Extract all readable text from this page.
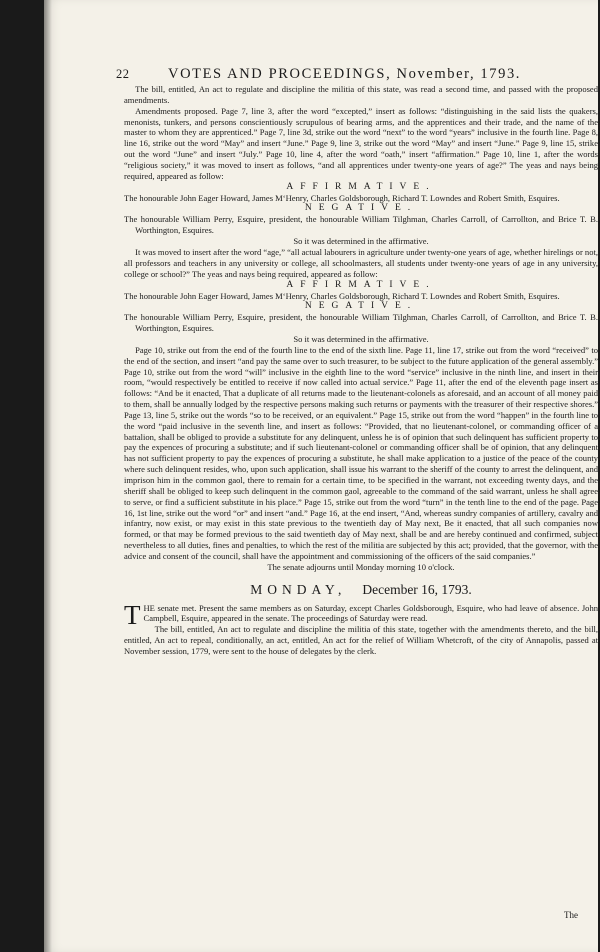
22	VOTES AND PROCEEDINGS, November, 1793.

The bill, entitled, An act to regulate and discipline the militia of this state, was read a second time, and passed with the proposed amendments.

Amendments proposed. Page 7, line 3, after the word “excepted,” insert as follows: “distinguishing in the said lists the quakers, menonists, tunkers, and persons conscientiously scrupulous of bearing arms, and the apprentices and their trade, and the name of the master to whom they are apprenticed.” Page 7, line 3d, strike out the word “next” to the word “years” inclusive in the fourth line. Page 8, line 16, strike out the word “May” and insert “June.” Page 9, line 3, strike out the word “May” and insert “June.” Page 9, line 15, strike out the word “June” and insert “July.” Page 10, line 4, after the word “oath,” insert “affirmation.” Page 10, line 1, after the words “religious society,” it was moved to insert as follows, “and all apprentices under twenty-one years of age?” The yeas and nays being required, appeared as follow:

AFFIRMATIVE.

The honourable John Eager Howard, James M‘Henry, Charles Goldsborough, Richard T. Lowndes and Robert Smith, Esquires.

NEGATIVE.

The honourable William Perry, Esquire, president, the honourable William Tilghman, Charles Carroll, of Carrollton, and Brice T. B. Worthington, Esquires.

So it was determined in the affirmative.

It was moved to insert after the word “age,” “all actual labourers in agriculture under twenty-one years of age, whether hirelings or not, all professors and teachers in any university or college, all schoolmasters, all students under twenty-one years of age in any university, college or school?” The yeas and nays being required, appeared as follow:

AFFIRMATIVE.

The honourable John Eager Howard, James M‘Henry, Charles Goldsborough, Richard T. Lowndes and Robert Smith, Esquires.

NEGATIVE.

The honourable William Perry, Esquire, president, the honourable William Tilghman, Charles Carroll, of Carrollton, and Brice T. B. Worthington, Esquires.

So it was determined in the affirmative.

Page 10, strike out from the end of the fourth line to the end of the sixth line. Page 11, line 17, strike out from the word “received” to the end of the section, and insert “and pay the same over to such treasurer, to be subject to the future application of the general assembly.” Page 10, strike out from the word “will” inclusive in the eighth line to the word “service” inclusive in the ninth line, and insert in their room, “would respectively be entitled to receive if now called into actual service.” Page 11, after the end of the eleventh page insert as follows: “And be it enacted, That a duplicate of all returns made to the lieutenant-colonels as aforesaid, and an account of all money paid to them, shall be annually lodged by the respective persons making such returns or payments with the treasurer of their respective shores.” Page 13, line 5, strike out the words “so to be received, or an equivalent.” Page 15, strike out from the word “happen” in the fourth line to the word “paid inclusive in the seventh line, and insert as follows: “Provided, that no lieutenant-colonel, or commanding officer of a battalion, shall be obliged to provide a substitute for any delinquent, unless he is of opinion that such delinquent has sufficient property to pay the expences of procuring a substitute; and if such lieutenant-colonel or commanding officer shall be of opinion, that any delinquent has not sufficient property to pay the expences of procuring a substitute, he shall make application to a justice of the peace of the county where such delinquent resides, who, upon such application, shall issue his warrant to the sheriff of the county to arrest the delinquent, and imprison him in the common gaol, there to remain for a certain time, to be specified in the warrant, not exceeding twenty days, and the sheriff shall be obliged to keep such delinquent in the common gaol, agreeable to the command of the said warrant, unless he shall agree to serve, or find a sufficient substitute in his place.” Page 15, strike out from the word “turn” in the tenth line to the end of the page. Page 16, 1st line, strike out the word “or” and insert “and.” Page 16, at the end insert, “And, whereas sundry companies of artillery, cavalry and infantry, now exist, or may exist in this state previous to the twentieth day of May next, Be it enacted, that all such companies now formed, or that may be formed previous to the said twentieth day of May next, shall be and are hereby continued and confirmed, subject nevertheless to all duties, fines and penalties, to which the rest of the militia are subjected by this act; provided, that the governor, with the advice and consent of the council, shall have the appointment and commissioning of the officers of the said companies.”

The senate adjourns until Monday morning 10 o'clock.

MONDAY, December 16, 1793.

THE senate met. Present the same members as on Saturday, except Charles Goldsborough, Esquire, who had leave of absence. John Campbell, Esquire, appeared in the senate. The proceedings of Saturday were read.

The bill, entitled, An act to regulate and discipline the militia of this state, together with the amendments thereto, and the bill, entitled, An act to repeal, conditionally, an act, entitled, An act for the relief of William Whetcroft, of the city of Annapolis, passed at November session, 1779, were sent to the house of delegates by the clerk.

The
